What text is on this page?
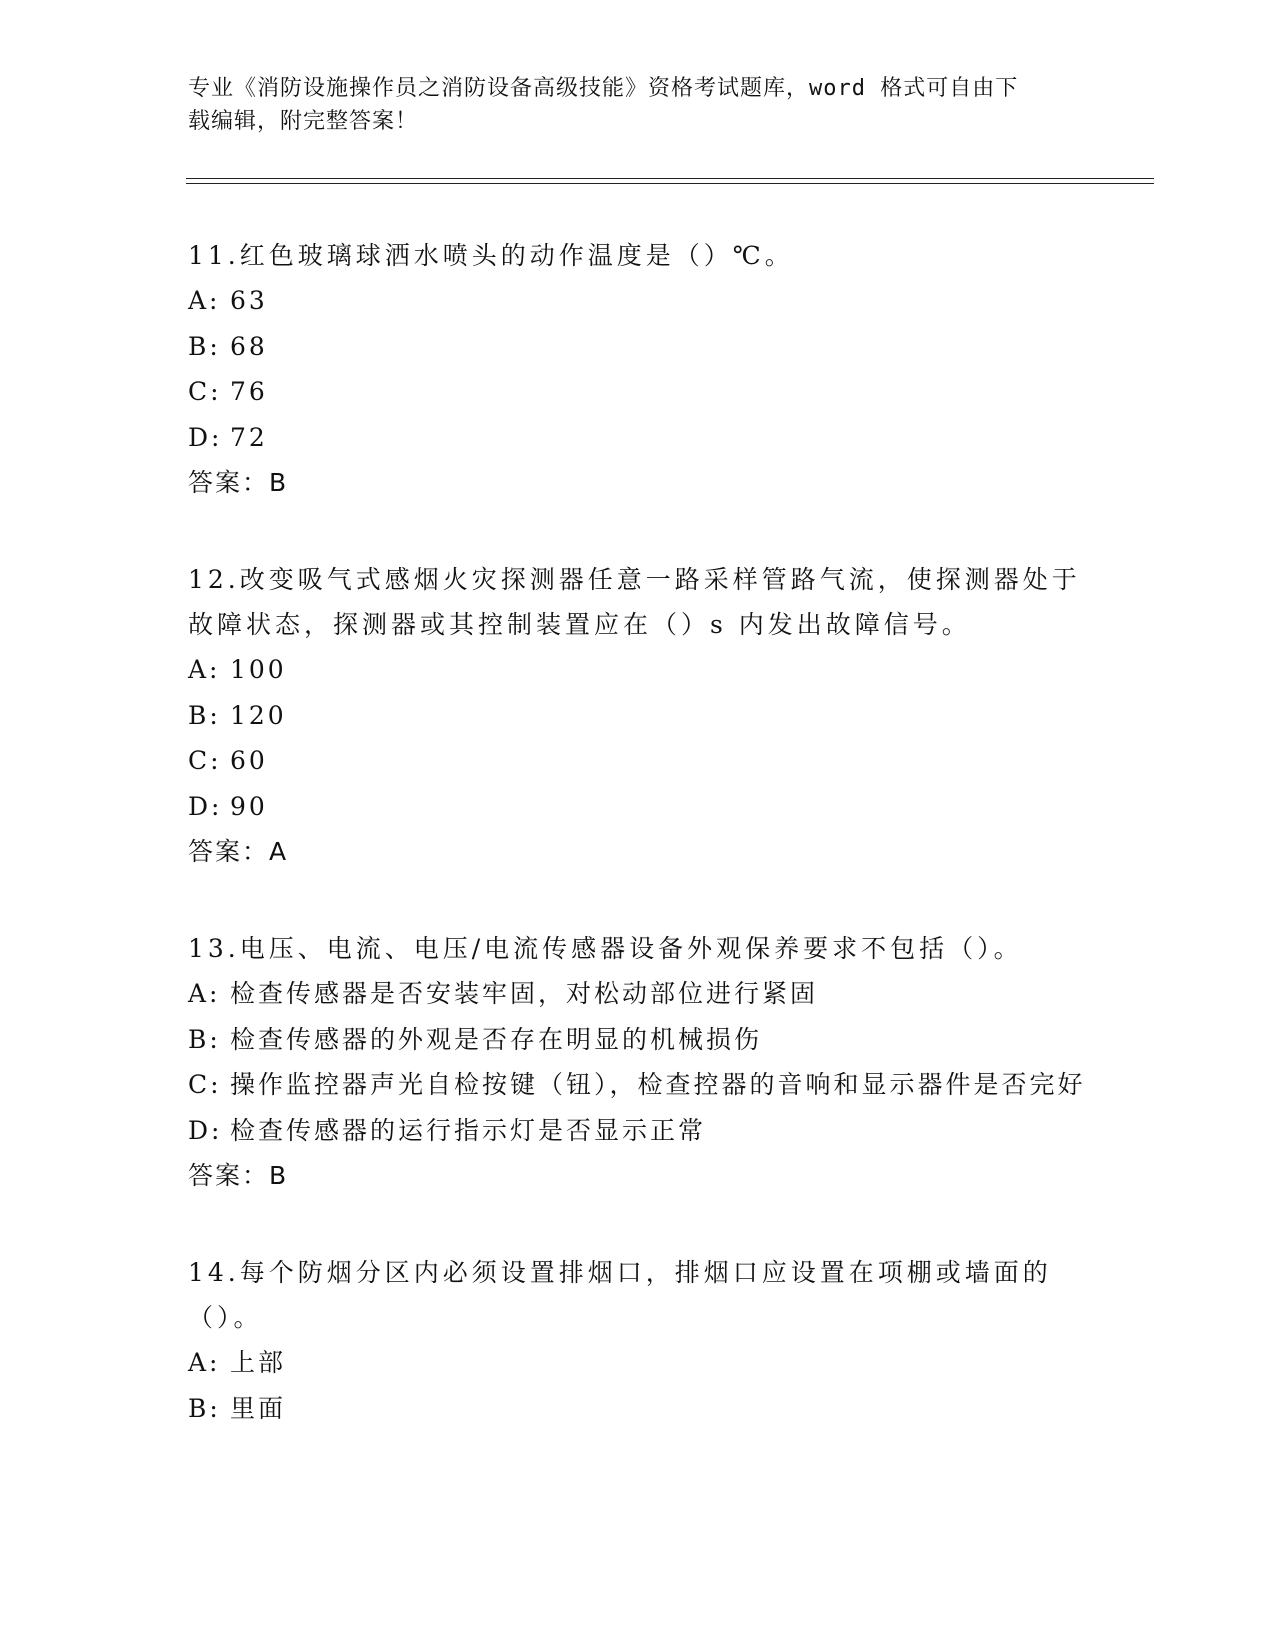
专业《消防设施操作员之消防设备高级技能》资格考试题库，word 格式可自由下
载编辑，附完整答案！
11.红色玻璃球洒水喷头的动作温度是（）℃。
A: 63
B: 68
C: 76
D: 72
答案：B
12.改变吸气式感烟火灾探测器任意一路采样管路气流，使探测器处于故障状态，探测器或其控制装置应在（）s 内发出故障信号。
A: 100
B: 120
C: 60
D: 90
答案：A
13.电压、电流、电压/电流传感器设备外观保养要求不包括（）。
A: 检查传感器是否安装牢固，对松动部位进行紧固
B: 检查传感器的外观是否存在明显的机械损伤
C: 操作监控器声光自检按键（钮），检查控器的音响和显示器件是否完好
D: 检查传感器的运行指示灯是否显示正常
答案：B
14.每个防烟分区内必须设置排烟口，排烟口应设置在项棚或墙面的（）。
A: 上部
B: 里面
